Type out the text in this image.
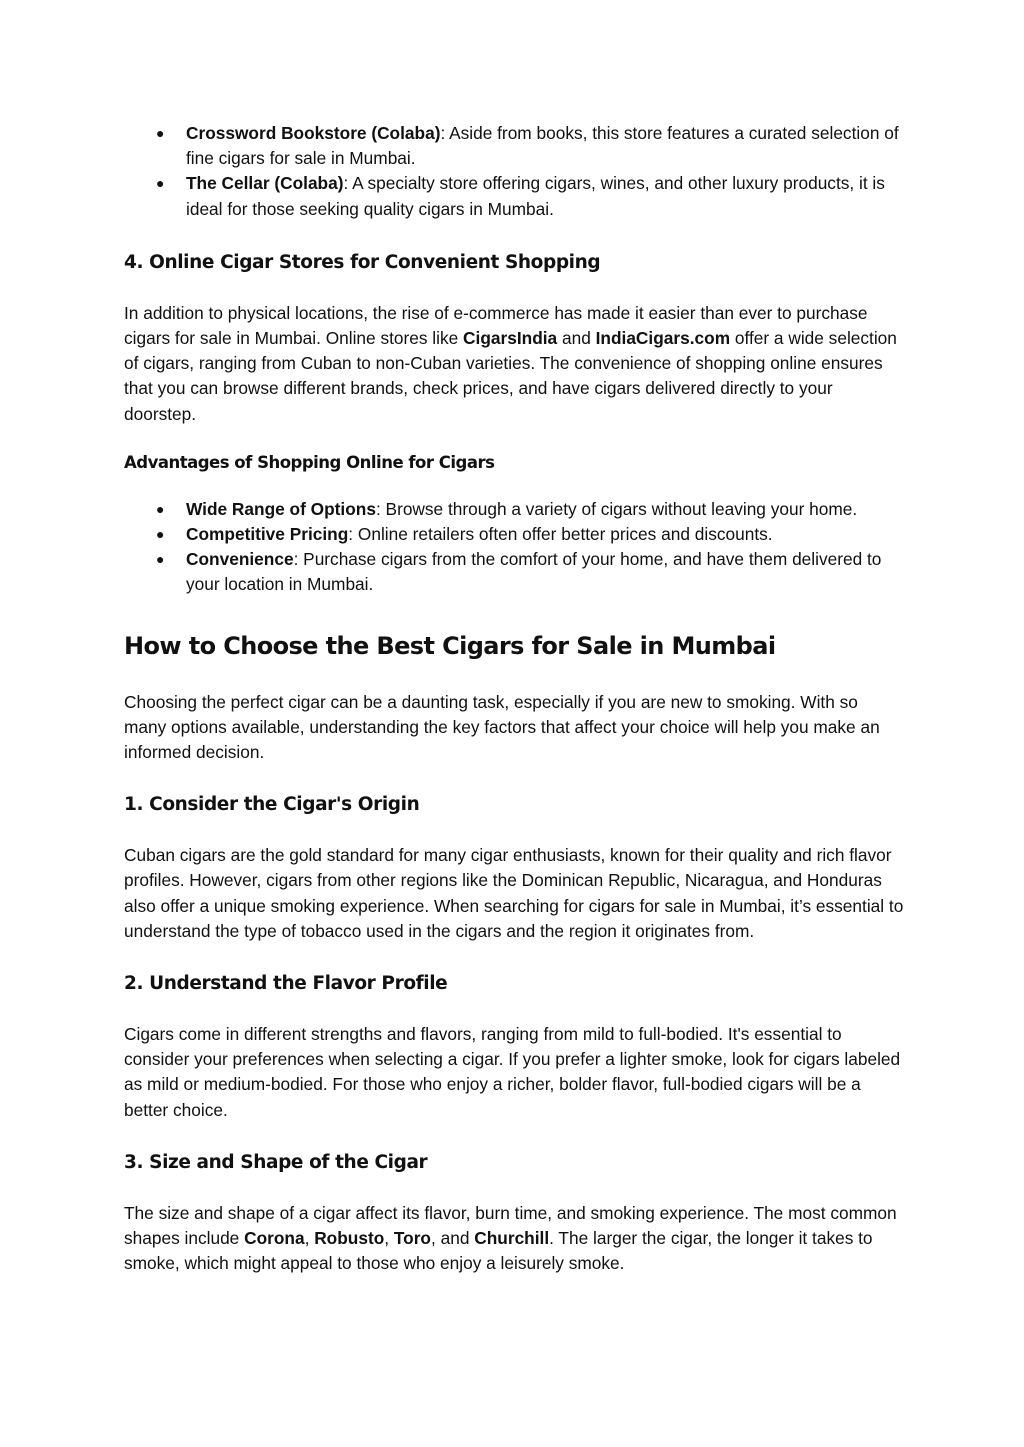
● Crossword Bookstore (Colaba): Aside from books, this store features a curated selection of fine cigars for sale in Mumbai.
● The Cellar (Colaba): A specialty store offering cigars, wines, and other luxury products, it is ideal for those seeking quality cigars in Mumbai.
4. Online Cigar Stores for Convenient Shopping

In addition to physical locations, the rise of e-commerce has made it easier than ever to purchase cigars for sale in Mumbai. Online stores like CigarsIndia and IndiaCigars.com offer a wide selection of cigars, ranging from Cuban to non-Cuban varieties. The convenience of shopping online ensures that you can browse different brands, check prices, and have cigars delivered directly to your doorstep.

Advantages of Shopping Online for Cigars
● Wide Range of Options: Browse through a variety of cigars without leaving your home.
● Competitive Pricing: Online retailers often offer better prices and discounts.
● Convenience: Purchase cigars from the comfort of your home, and have them delivered to your location in Mumbai.
How to Choose the Best Cigars for Sale in Mumbai

Choosing the perfect cigar can be a daunting task, especially if you are new to smoking. With so many options available, understanding the key factors that affect your choice will help you make an informed decision.

1. Consider the Cigar's Origin

Cuban cigars are the gold standard for many cigar enthusiasts, known for their quality and rich flavor profiles. However, cigars from other regions like the Dominican Republic, Nicaragua, and Honduras also offer a unique smoking experience. When searching for cigars for sale in Mumbai, it’s essential to understand the type of tobacco used in the cigars and the region it originates from.

2. Understand the Flavor Profile

Cigars come in different strengths and flavors, ranging from mild to full-bodied. It's essential to consider your preferences when selecting a cigar. If you prefer a lighter smoke, look for cigars labeled as mild or medium-bodied. For those who enjoy a richer, bolder flavor, full-bodied cigars will be a better choice.

3. Size and Shape of the Cigar

The size and shape of a cigar affect its flavor, burn time, and smoking experience. The most common shapes include Corona, Robusto, Toro, and Churchill. The larger the cigar, the longer it takes to smoke, which might appeal to those who enjoy a leisurely smoke.
